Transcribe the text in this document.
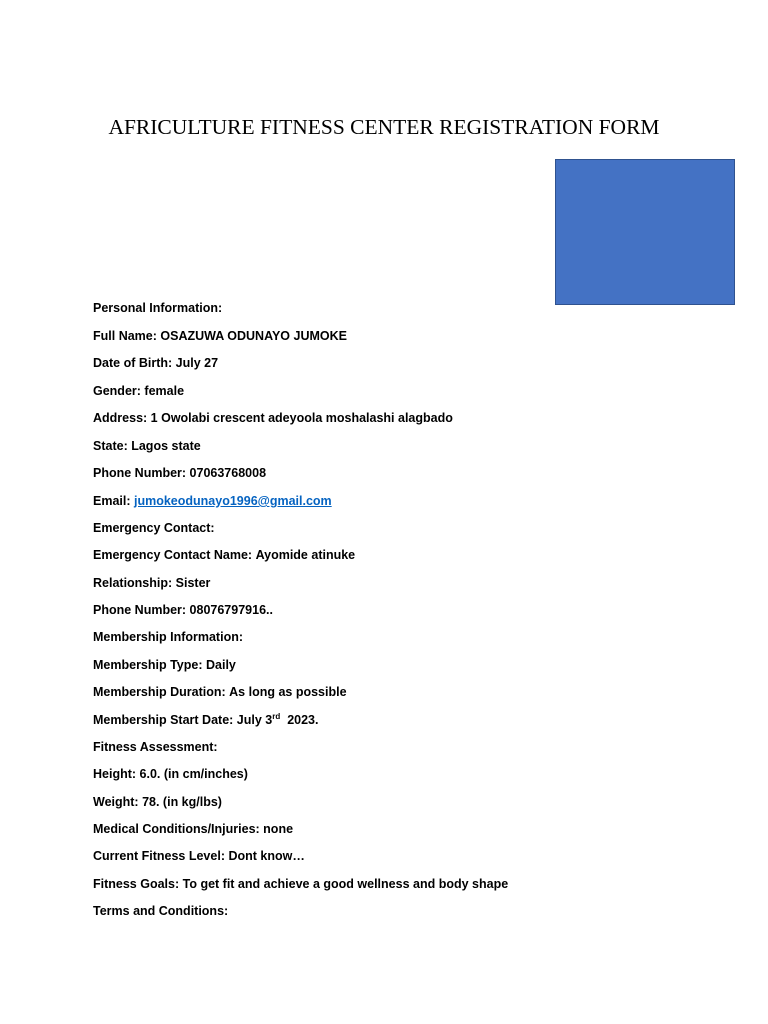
AFRICULTURE FITNESS CENTER REGISTRATION FORM
Personal Information:
Full Name: OSAZUWA ODUNAYO JUMOKE
Date of Birth: July 27
Gender: female
Address: 1 Owolabi crescent adeyoola moshalashi alagbado
State: Lagos state
Phone Number: 07063768008
Email: jumokeodunayo1996@gmail.com
Emergency Contact:
Emergency Contact Name: Ayomide atinuke
Relationship: Sister
Phone Number: 08076797916..
Membership Information:
Membership Type: Daily
Membership Duration: As long as possible
Membership Start Date: July 3rd 2023.
Fitness Assessment:
Height: 6.0. (in cm/inches)
Weight: 78. (in kg/lbs)
Medical Conditions/Injuries: none
Current Fitness Level: Dont know…
Fitness Goals: To get fit and achieve a good wellness and body shape
Terms and Conditions:
